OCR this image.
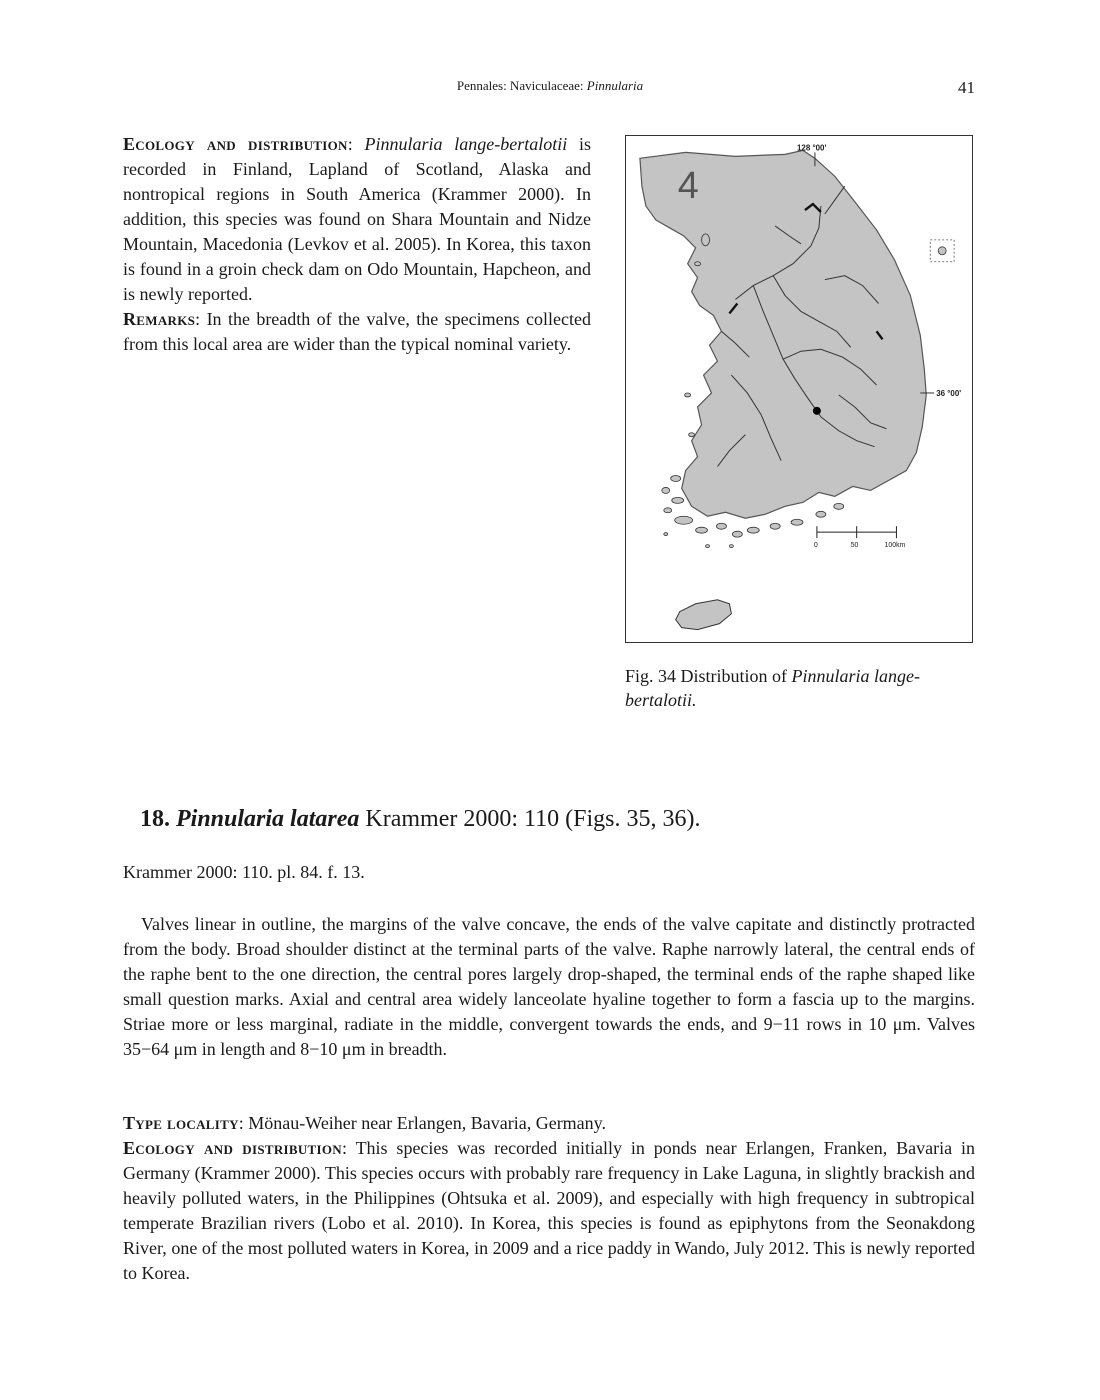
Pennales: Naviculaceae: Pinnularia	41

Ecology and distribution: Pinnularia lange-bertalotii is recorded in Finland, Lapland of Scotland, Alaska and nontropical regions in South America (Krammer 2000). In addition, this species was found on Shara Mountain and Nidze Mountain, Macedonia (Levkov et al. 2005). In Korea, this taxon is found in a groin check dam on Odo Mountain, Hapcheon, and is newly reported.

Remarks: In the breadth of the valve, the specimens collected from this local area are wider than the typical nominal variety.

4
128 °00'
36 °00'
0	50	100km
Fig. 34 Distribution of Pinnularia lange-bertalotii.
18. Pinnularia latarea Krammer 2000: 110 (Figs. 35, 36).
Krammer 2000: 110. pl. 84. f. 13.

Valves linear in outline, the margins of the valve concave, the ends of the valve capitate and distinctly protracted from the body. Broad shoulder distinct at the terminal parts of the valve. Raphe narrowly lateral, the central ends of the raphe bent to the one direction, the central pores largely drop-shaped, the terminal ends of the raphe shaped like small question marks. Axial and central area widely lanceolate hyaline together to form a fascia up to the margins. Striae more or less marginal, radiate in the middle, convergent towards the ends, and 9−11 rows in 10 μm. Valves 35−64 μm in length and 8−10 μm in breadth.

Type locality: Mönau-Weiher near Erlangen, Bavaria, Germany.

Ecology and distribution: This species was recorded initially in ponds near Erlangen, Franken, Bavaria in Germany (Krammer 2000). This species occurs with probably rare frequency in Lake Laguna, in slightly brackish and heavily polluted waters, in the Philippines (Ohtsuka et al. 2009), and especially with high frequency in subtropical temperate Brazilian rivers (Lobo et al. 2010). In Korea, this species is found as epiphytons from the Seonakdong River, one of the most polluted waters in Korea, in 2009 and a rice paddy in Wando, July 2012. This is newly reported to Korea.
